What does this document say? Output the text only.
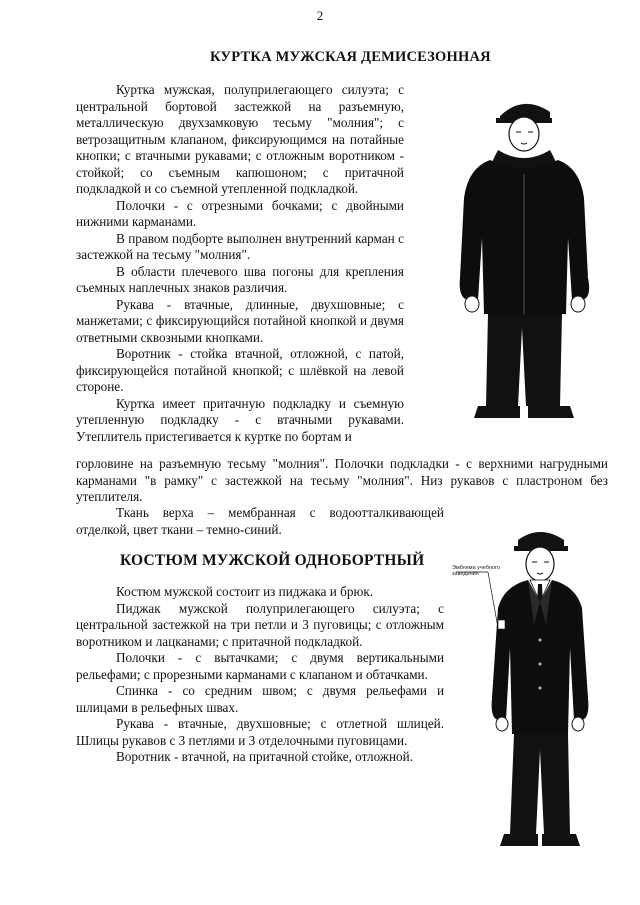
2
КУРТКА МУЖСКАЯ ДЕМИСЕЗОННАЯ

Куртка мужская, полуприлегающего силуэта; с центральной бортовой застежкой на разъемную, металлическую двухзамковую тесьму "молния"; с ветрозащитным клапаном, фиксирующимся на потайные кнопки; с втачными рукавами; с отложным воротником - стойкой; со съемным капюшоном; с притачной подкладкой и со съемной утепленной подкладкой.

Полочки - с отрезными бочками; с двойными нижними карманами.

В правом подборте выполнен внутренний карман с застежкой на тесьму "молния".

В области плечевого шва погоны для крепления съемных наплечных знаков различия.

Рукава - втачные, длинные, двухшовные; с манжетами; с фиксирующийся потайной кнопкой и двумя ответными сквозными кнопками.

Воротник - стойка втачной, отложной, с патой, фиксирующейся потайной кнопкой; с шлёвкой на левой стороне.

Куртка имеет притачную подкладку и съемную утепленную подкладку - с втачными рукавами. Утеплитель пристегивается к куртке по бортам и

горловине на разъемную тесьму "молния". Полочки подкладки - с верхними нагрудными карманами "в рамку" с застежкой на тесьму "молния". Низ рукавов с пластроном без утеплителя.

Ткань верха – мембранная с водоотталкивающей отделкой, цвет ткани – темно-синий.

КОСТЮМ МУЖСКОЙ ОДНОБОРТНЫЙ

Костюм мужской состоит из пиджака и брюк.

Пиджак мужской полуприлегающего силуэта; с центральной застежкой на три петли и 3 пуговицы; с отложным воротником и лацканами; с притачной подкладкой.

Полочки - с вытачками; с двумя вертикальными рельефами; с прорезными карманами с клапаном и обтачками.

Спинка - со средним швом; с двумя рельефами и шлицами в рельефных швах.

Рукава - втачные, двухшовные; с отлетной шлицей. Шлицы рукавов с 3 петлями и 3 отделочными пуговицами.

Воротник - втачной, на притачной стойке, отложной.

Эмблема учебного заведения
